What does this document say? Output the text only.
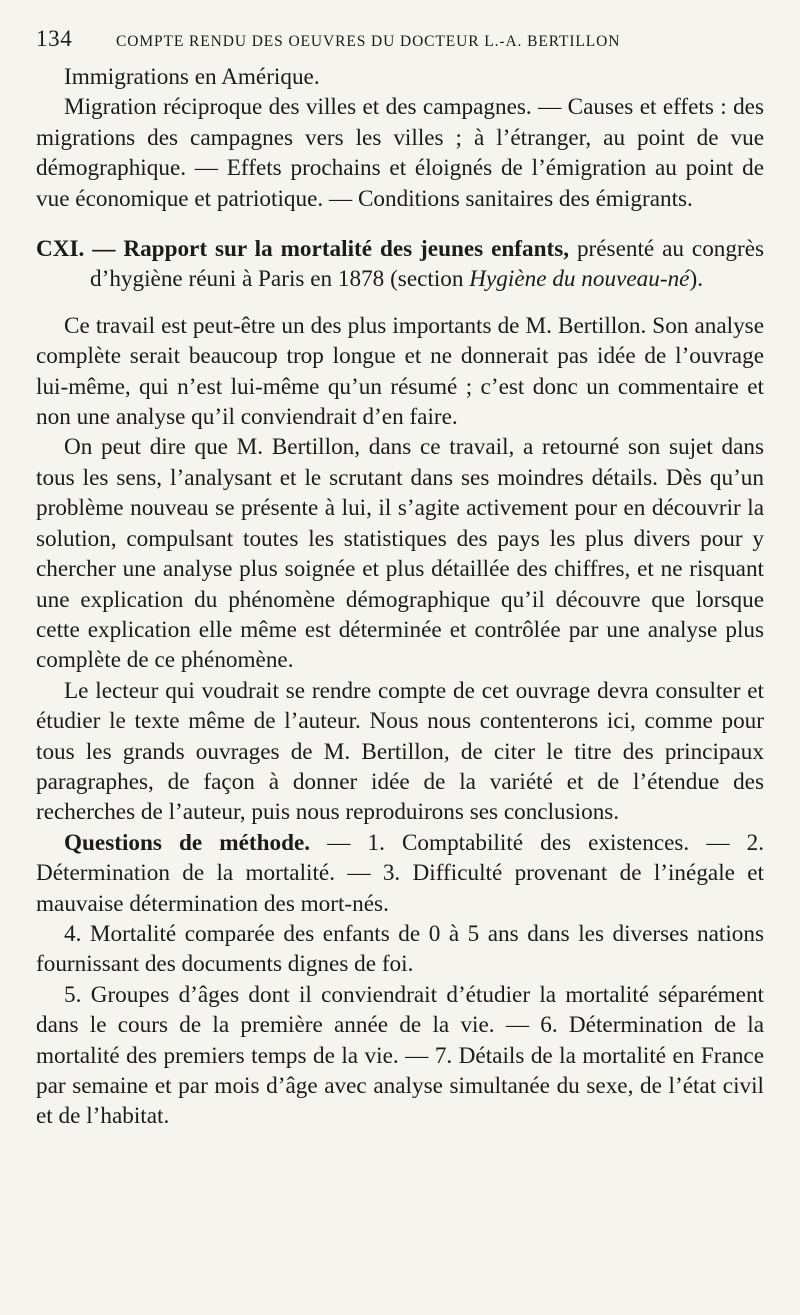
134	COMPTE RENDU DES OEUVRES DU DOCTEUR L.-A. BERTILLON

Immigrations en Amérique.

Migration réciproque des villes et des campagnes. — Causes et effets : des migrations des campagnes vers les villes ; à l’étranger, au point de vue démographique. — Effets prochains et éloignés de l’émigration au point de vue économique et patriotique. — Conditions sanitaires des émigrants.

CXI. — Rapport sur la mortalité des jeunes enfants, présenté au congrès d’hygiène réuni à Paris en 1878 (section Hygiène du nouveau-né).

Ce travail est peut-être un des plus importants de M. Bertillon. Son analyse complète serait beaucoup trop longue et ne donnerait pas idée de l’ouvrage lui-même, qui n’est lui-même qu’un résumé ; c’est donc un commentaire et non une analyse qu’il conviendrait d’en faire.

On peut dire que M. Bertillon, dans ce travail, a retourné son sujet dans tous les sens, l’analysant et le scrutant dans ses moindres détails. Dès qu’un problème nouveau se présente à lui, il s’agite activement pour en découvrir la solution, compulsant toutes les statistiques des pays les plus divers pour y chercher une analyse plus soignée et plus détaillée des chiffres, et ne risquant une explication du phénomène démographique qu’il découvre que lorsque cette explication elle même est déterminée et contrôlée par une analyse plus complète de ce phénomène.

Le lecteur qui voudrait se rendre compte de cet ouvrage devra consulter et étudier le texte même de l’auteur. Nous nous contenterons ici, comme pour tous les grands ouvrages de M. Bertillon, de citer le titre des principaux paragraphes, de façon à donner idée de la variété et de l’étendue des recherches de l’auteur, puis nous reproduirons ses conclusions.

Questions de méthode. — 1. Comptabilité des existences. — 2. Détermination de la mortalité. — 3. Difficulté provenant de l’inégale et mauvaise détermination des mort-nés.

4. Mortalité comparée des enfants de 0 à 5 ans dans les diverses nations fournissant des documents dignes de foi.

5. Groupes d’âges dont il conviendrait d’étudier la mortalité séparément dans le cours de la première année de la vie. — 6. Détermination de la mortalité des premiers temps de la vie. — 7. Détails de la mortalité en France par semaine et par mois d’âge avec analyse simultanée du sexe, de l’état civil et de l’habitat.
